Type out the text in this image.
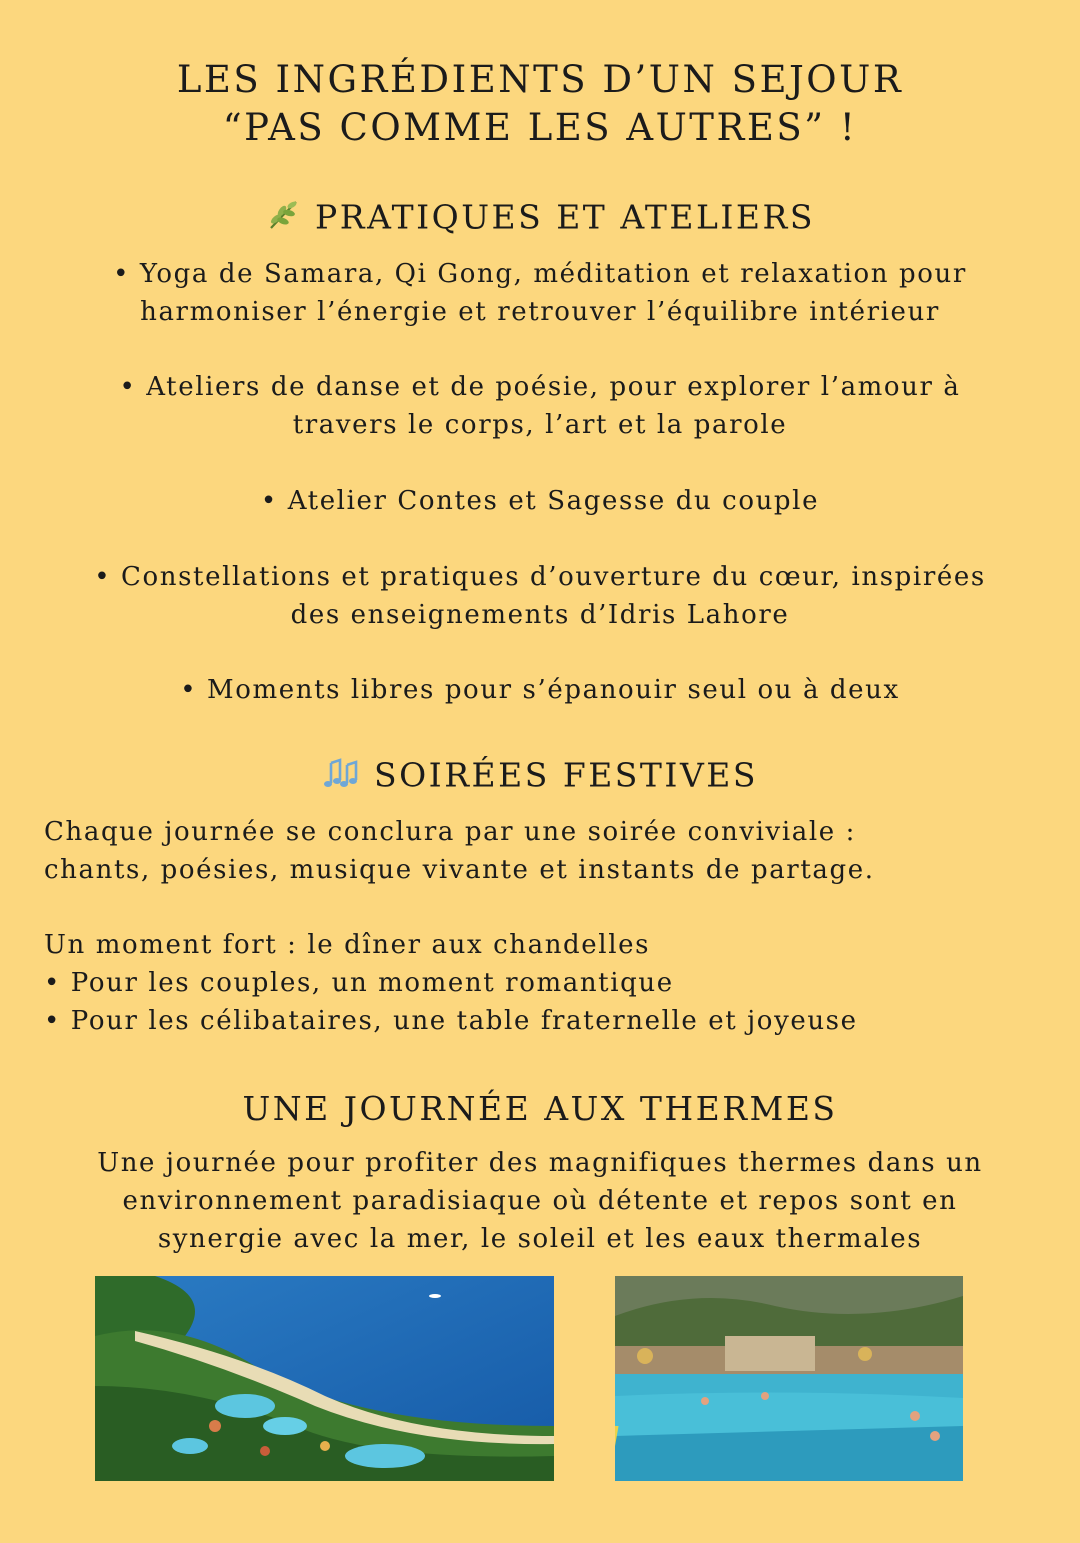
LES INGRÉDIENTS D’UN SEJOUR
“PAS COMME LES AUTRES” !
PRATIQUES ET ATELIERS

• Yoga de Samara, Qi Gong, méditation et relaxation pour
harmoniser l’énergie et retrouver l’équilibre intérieur

• Ateliers de danse et de poésie, pour explorer l’amour à
travers le corps, l’art et la parole

• Atelier Contes et Sagesse du couple

• Constellations et pratiques d’ouverture du cœur, inspirées
des enseignements d’Idris Lahore

• Moments libres pour s’épanouir seul ou à deux

SOIRÉES FESTIVES

Chaque journée se conclura par une soirée conviviale :
chants, poésies, musique vivante et instants de partage.

Un moment fort : le dîner aux chandelles
• Pour les couples, un moment romantique
• Pour les célibataires, une table fraternelle et joyeuse

UNE JOURNÉE AUX THERMES

Une journée pour profiter des magnifiques thermes dans un
environnement paradisiaque où détente et repos sont en
synergie avec la mer, le soleil et les eaux thermales
